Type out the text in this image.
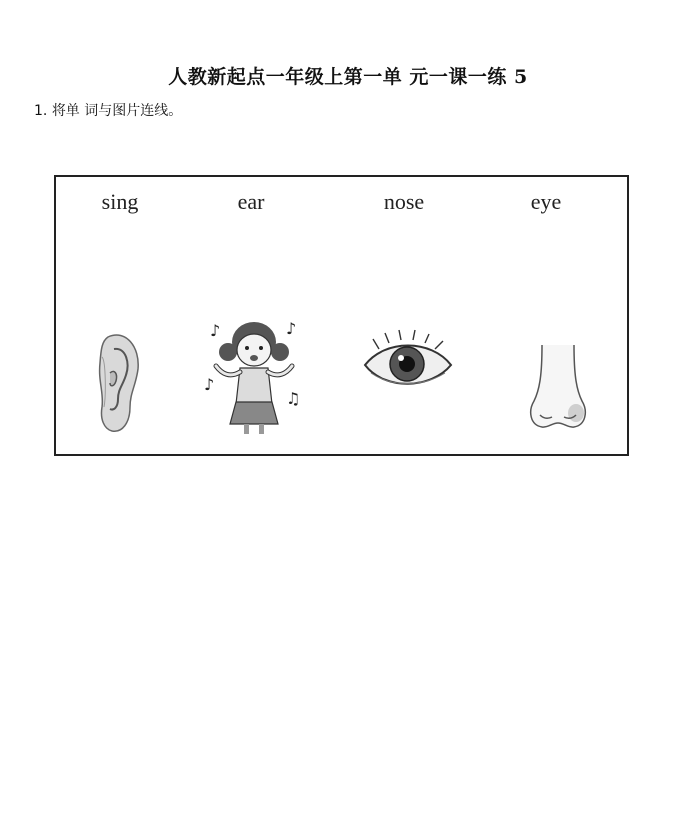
人教新起点一年级上第一单 元一课一练 5
1. 将单 词与图片连线。
sing	ear	nose	eye
♪	♪
♪
♫
